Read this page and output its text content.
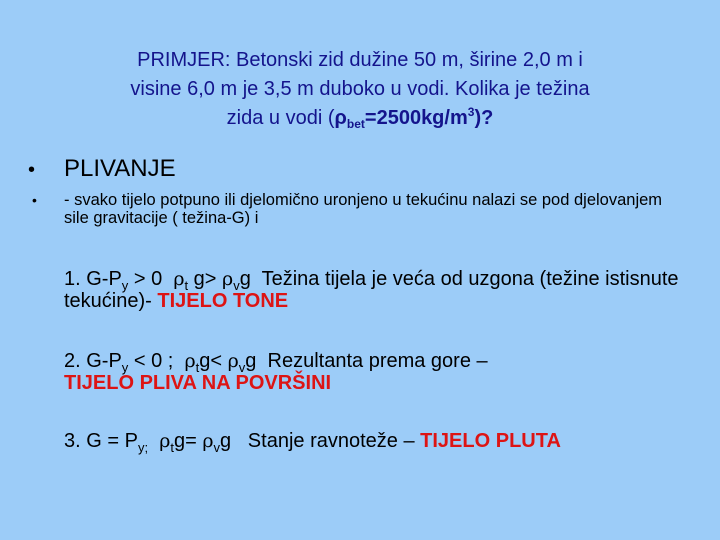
PRIMJER: Betonski zid dužine 50 m, širine 2,0 m i
visine 6,0 m je 3,5 m duboko u vodi. Kolika je težina
zida u vodi $(\rho_{bet}=2500kg/m^3)$?
• PLIVANJE
• - svako tijelo potpuno ili djelomično uronjeno u tekućinu nalazi se pod djelovanjem sile gravitacije ( težina-G) i
1. $G-P_y > 0$  $\rho_t$ $g> \rho_vg$  Težina tijela je veća od uzgona (težine istisnute tekućine)- TIJELO TONE
2. $G-P_y < 0$ ;  $\rho_tg< \rho_vg$  Rezultanta prema gore –
TIJELO PLIVA NA POVRŠINI
3. $G = P_{y;}$ $\rho_tg= \rho_vg$   Stanje ravnoteže – TIJELO PLUTA
